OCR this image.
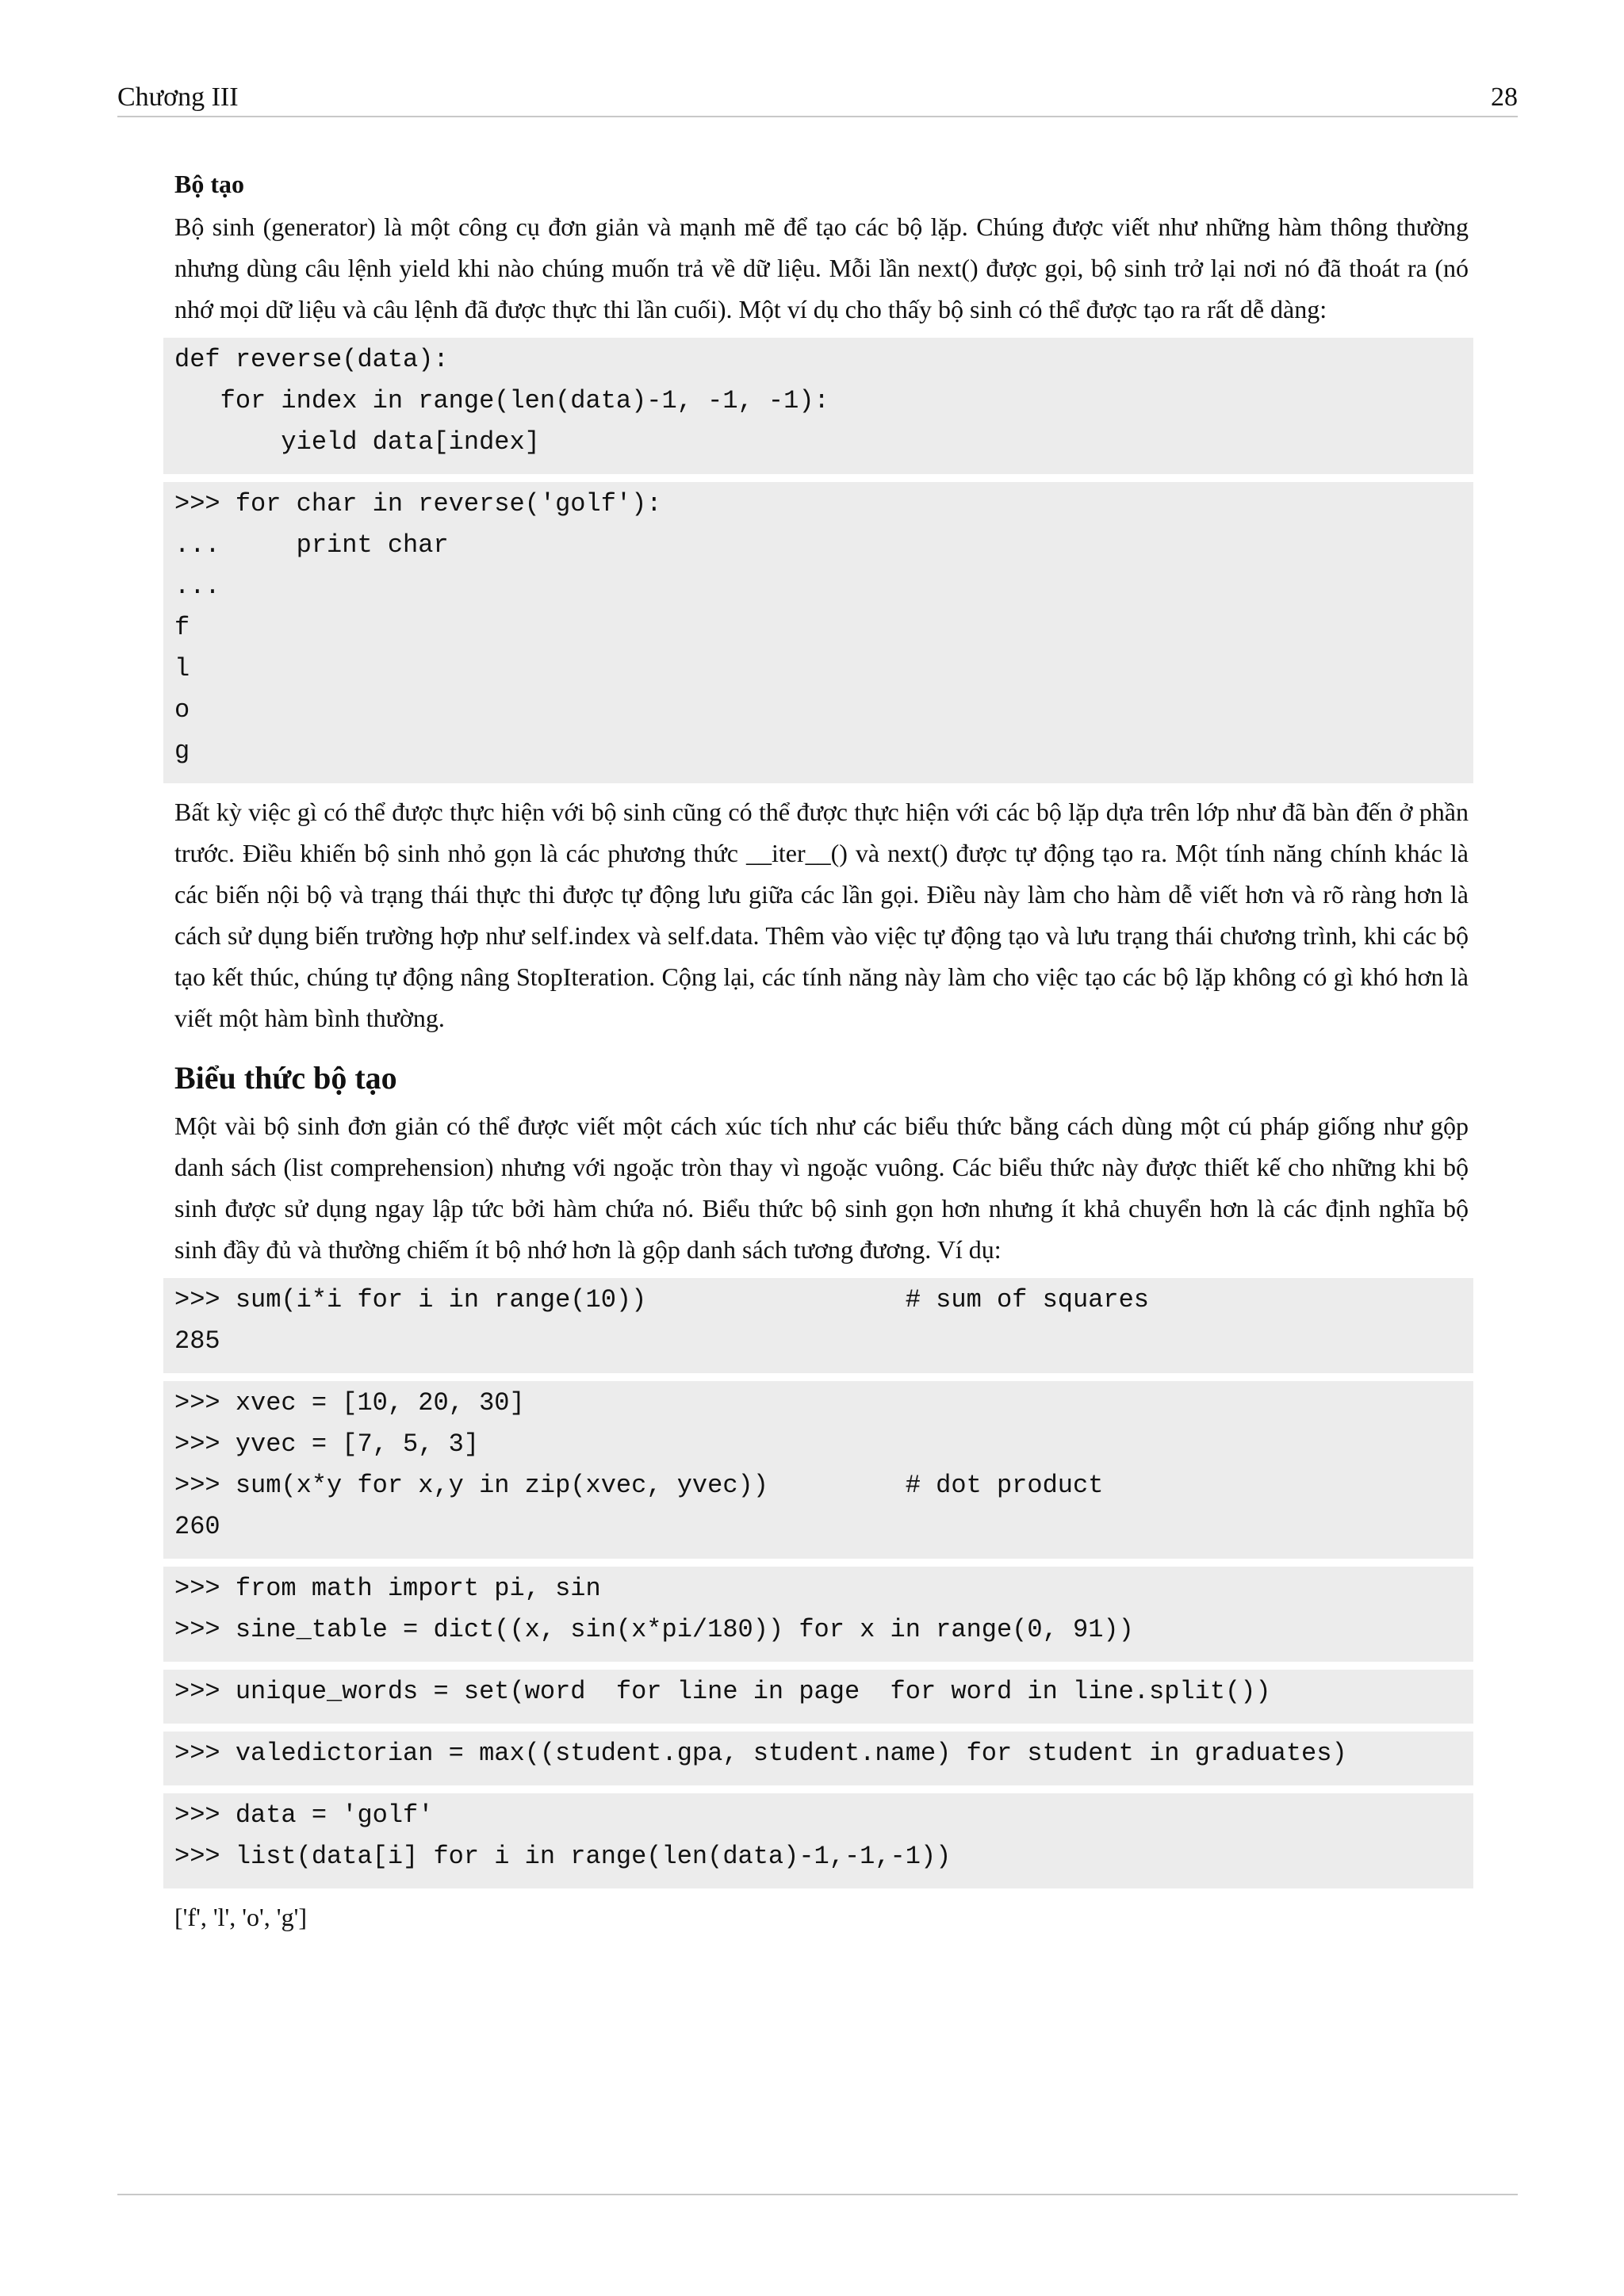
Chương III	28
Bộ tạo

Bộ sinh (generator) là một công cụ đơn giản và mạnh mẽ để tạo các bộ lặp. Chúng được viết như những hàm thông thường nhưng dùng câu lệnh yield khi nào chúng muốn trả về dữ liệu. Mỗi lần next() được gọi, bộ sinh trở lại nơi nó đã thoát ra (nó nhớ mọi dữ liệu và câu lệnh đã được thực thi lần cuối). Một ví dụ cho thấy bộ sinh có thể được tạo ra rất dễ dàng:

def reverse(data):
for index in range(len(data)-1, -1, -1):
yield data[index]
>>> for char in reverse('golf'):
...     print char
...
f
l
o
g

Bất kỳ việc gì có thể được thực hiện với bộ sinh cũng có thể được thực hiện với các bộ lặp dựa trên lớp như đã bàn đến ở phần trước. Điều khiến bộ sinh nhỏ gọn là các phương thức __iter__() và next() được tự động tạo ra. Một tính năng chính khác là các biến nội bộ và trạng thái thực thi được tự động lưu giữa các lần gọi. Điều này làm cho hàm dễ viết hơn và rõ ràng hơn là cách sử dụng biến trường hợp như self.index và self.data. Thêm vào việc tự động tạo và lưu trạng thái chương trình, khi các bộ tạo kết thúc, chúng tự động nâng StopIteration. Cộng lại, các tính năng này làm cho việc tạo các bộ lặp không có gì khó hơn là viết một hàm bình thường.

Biểu thức bộ tạo

Một vài bộ sinh đơn giản có thể được viết một cách xúc tích như các biểu thức bằng cách dùng một cú pháp giống như gộp danh sách (list comprehension) nhưng với ngoặc tròn thay vì ngoặc vuông. Các biểu thức này được thiết kế cho những khi bộ sinh được sử dụng ngay lập tức bởi hàm chứa nó. Biểu thức bộ sinh gọn hơn nhưng ít khả chuyển hơn là các định nghĩa bộ sinh đầy đủ và thường chiếm ít bộ nhớ hơn là gộp danh sách tương đương. Ví dụ:

>>> sum(i*i for i in range(10))                 # sum of squares
285
>>> xvec = [10, 20, 30]
>>> yvec = [7, 5, 3]
>>> sum(x*y for x,y in zip(xvec, yvec))         # dot product
260
>>> from math import pi, sin
>>> sine_table = dict((x, sin(x*pi/180)) for x in range(0, 91))
>>> unique_words = set(word  for line in page  for word in line.split())
>>> valedictorian = max((student.gpa, student.name) for student in graduates)
>>> data = 'golf'
>>> list(data[i] for i in range(len(data)-1,-1,-1))
['f', 'l', 'o', 'g']
